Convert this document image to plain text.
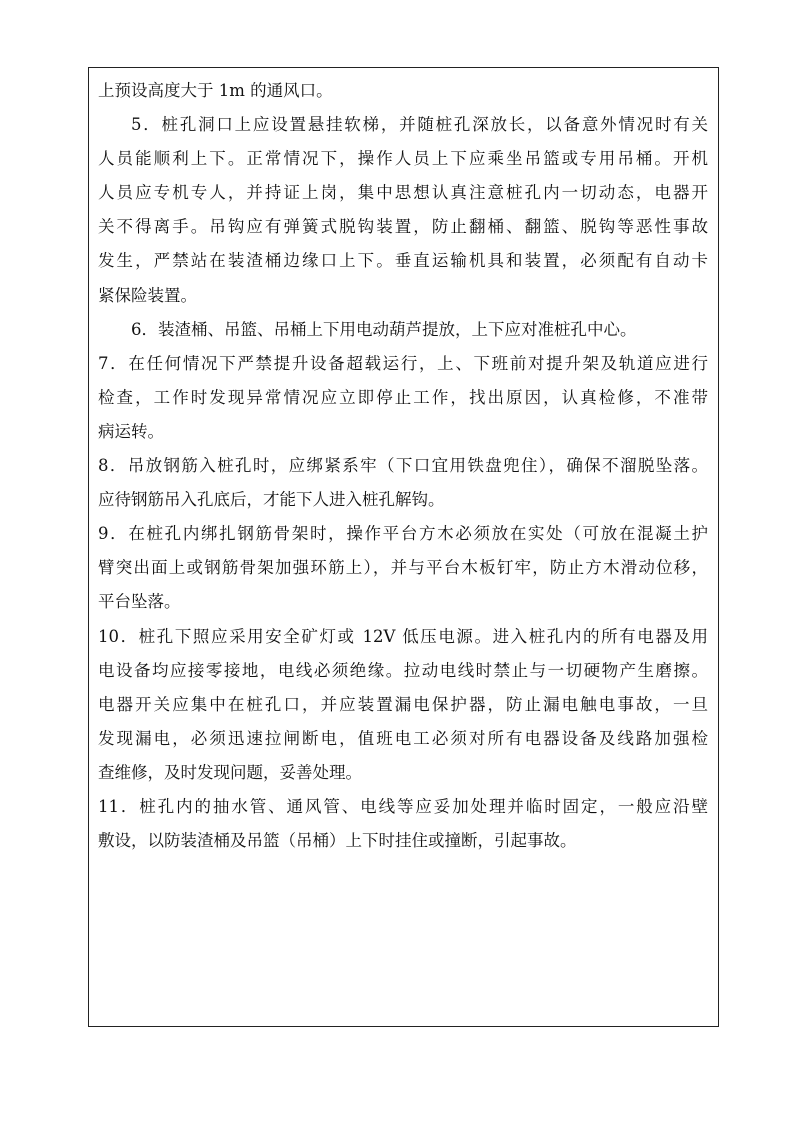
上预设高度大于 1m 的通风口。
5．桩孔洞口上应设置悬挂软梯，并随桩孔深放长，以备意外情况时有关
人员能顺利上下。正常情况下，操作人员上下应乘坐吊篮或专用吊桶。开机
人员应专机专人，并持证上岗，集中思想认真注意桩孔内一切动态，电器开
关不得离手。吊钩应有弹簧式脱钩装置，防止翻桶、翻篮、脱钩等恶性事故
发生，严禁站在装渣桶边缘口上下。垂直运输机具和装置，必须配有自动卡
紧保险装置。
6．装渣桶、吊篮、吊桶上下用电动葫芦提放，上下应对准桩孔中心。
7．在任何情况下严禁提升设备超载运行，上、下班前对提升架及轨道应进行
检查，工作时发现异常情况应立即停止工作，找出原因，认真检修，不准带
病运转。
8．吊放钢筋入桩孔时，应绑紧系牢（下口宜用铁盘兜住），确保不溜脱坠落。
应待钢筋吊入孔底后，才能下人进入桩孔解钩。
9．在桩孔内绑扎钢筋骨架时，操作平台方木必须放在实处（可放在混凝土护
臂突出面上或钢筋骨架加强环筋上），并与平台木板钉牢，防止方木滑动位移，
平台坠落。
10．桩孔下照应采用安全矿灯或 12V 低压电源。进入桩孔内的所有电器及用
电设备均应接零接地，电线必须绝缘。拉动电线时禁止与一切硬物产生磨擦。
电器开关应集中在桩孔口，并应装置漏电保护器，防止漏电触电事故，一旦
发现漏电，必须迅速拉闸断电，值班电工必须对所有电器设备及线路加强检
查维修，及时发现问题，妥善处理。
11．桩孔内的抽水管、通风管、电线等应妥加处理并临时固定，一般应沿壁
敷设，以防装渣桶及吊篮（吊桶）上下时挂住或撞断，引起事故。
